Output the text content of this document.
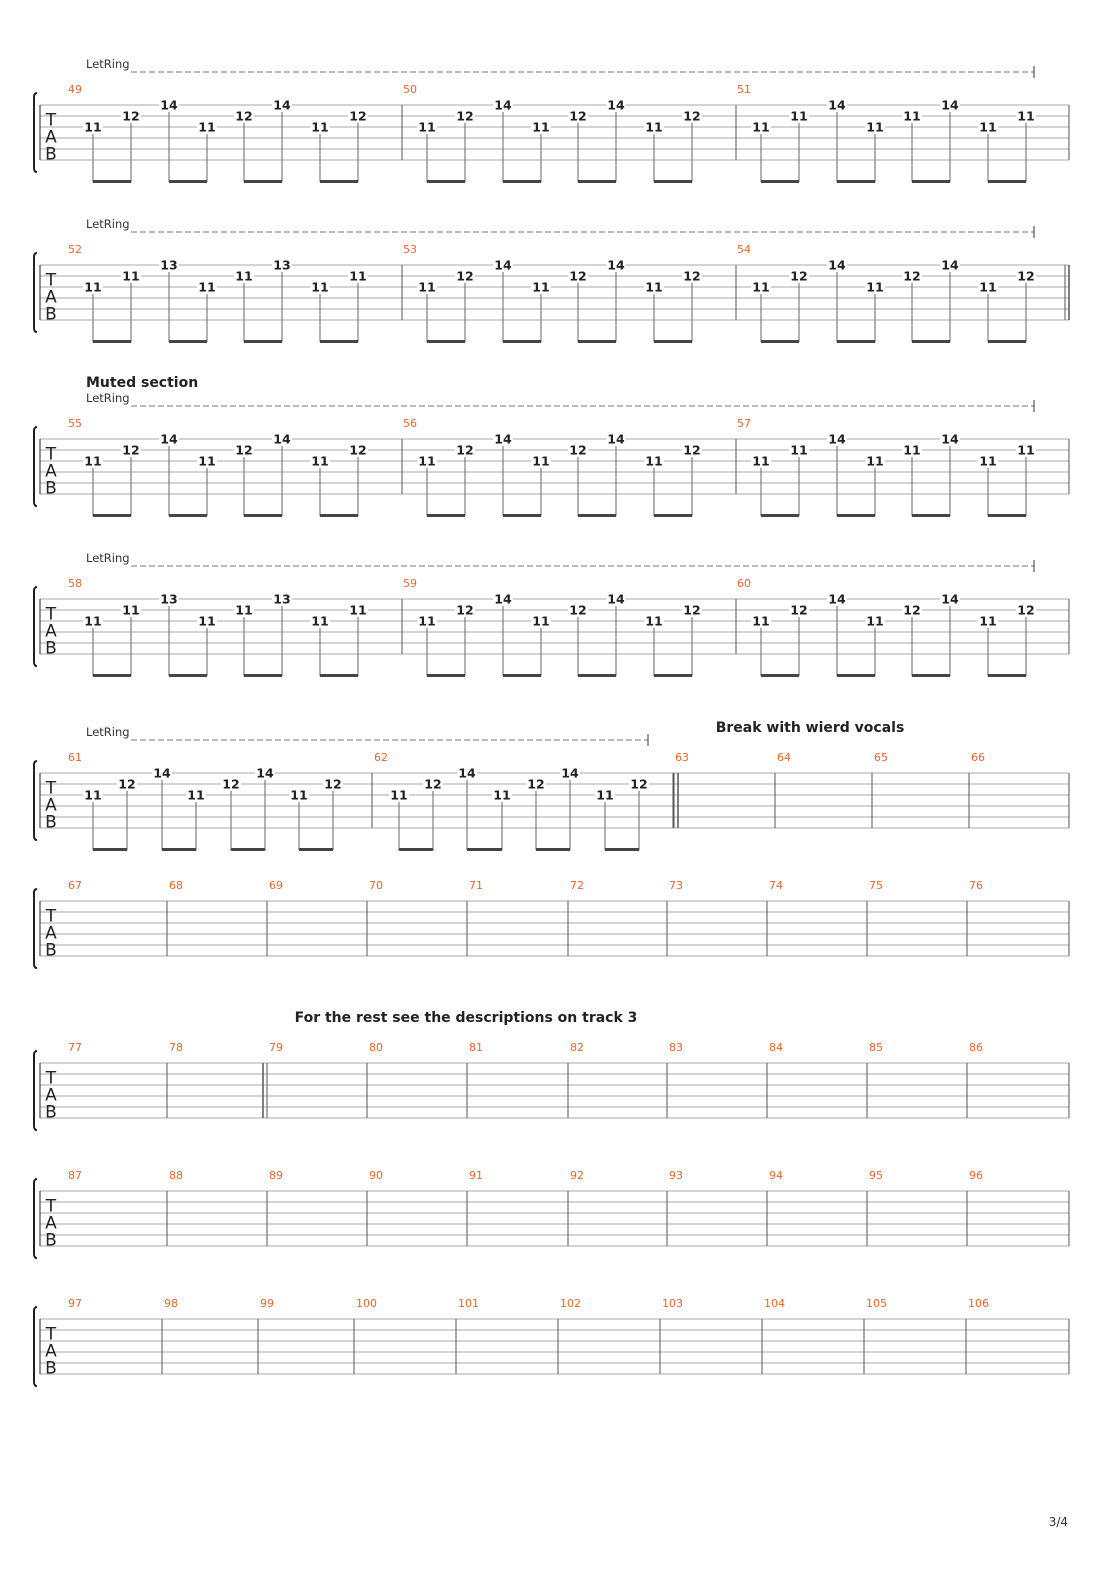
T
A
B
49	50	51
LetRing
11
12
14
11
12
14
11
12
11
12
14
11
12
14
11
12
11
11
14
11
11
14
11
11
T
A
B
52	53	54
LetRing
11
11
13
11
11
13
11
11
11
12
14
11
12
14
11
12
11
12
14
11
12
14
11
12
T
A
B
55	56	57
LetRing
Muted section
11
12
14
11
12
14
11
12
11
12
14
11
12
14
11
12
11
11
14
11
11
14
11
11
T
A
B
58	59	60
LetRing
11
11
13
11
11
13
11
11
11
12
14
11
12
14
11
12
11
12
14
11
12
14
11
12
T
A
B
61	62	63	64	65	66
LetRing	Break with wierd vocals
11
12
14
11
12
14
11
12
11
12
14
11
12
14
11
12
T
A
B
67	68	69	70	71	72	73	74	75	76
T
A
B
77	78	79	80	81	82	83	84	85	86
For the rest see the descriptions on track 3
T
A
B
87	88	89	90	91	92	93	94	95	96
T
A
B
97	98	99	100	101	102	103	104	105	106
3/4
